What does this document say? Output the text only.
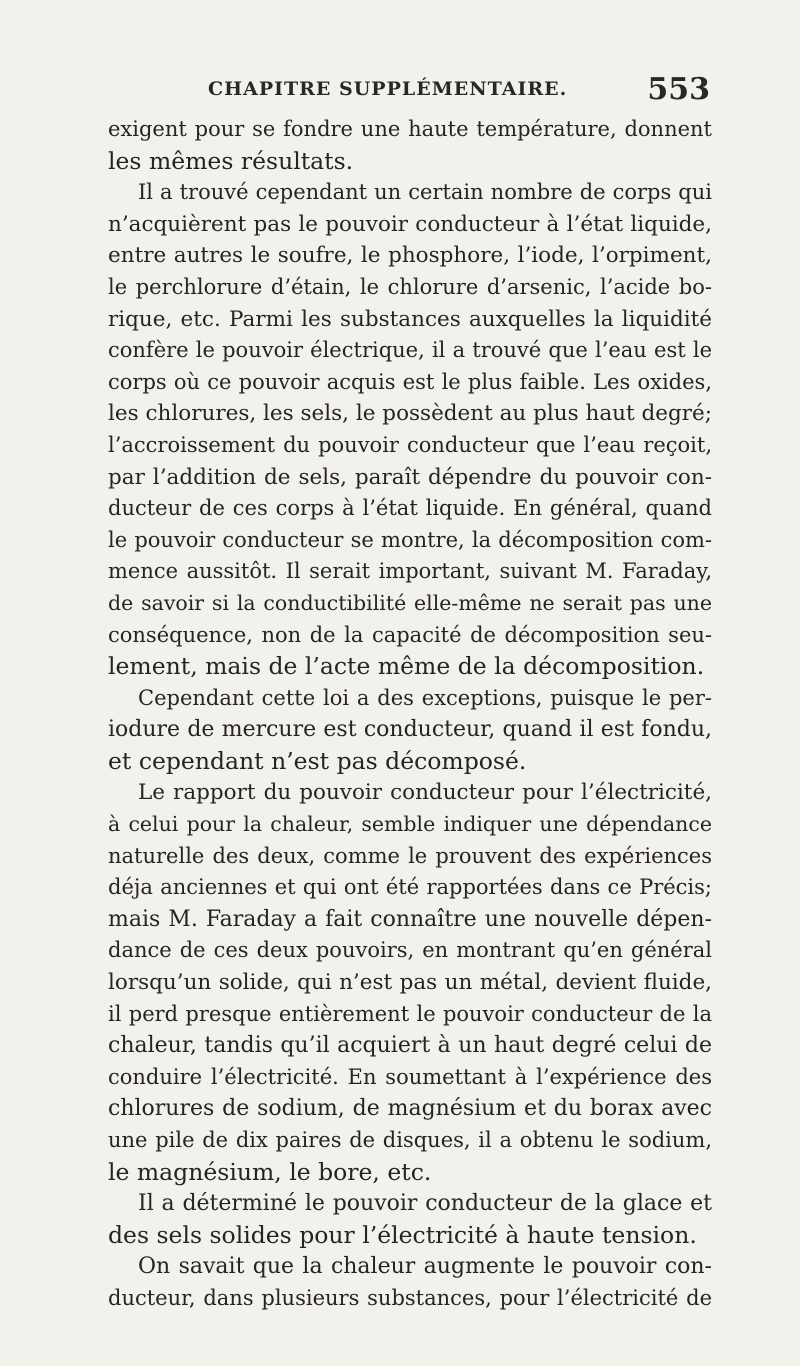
CHAPITRE SUPPLÉMENTAIRE.	553
exigent pour se fondre une haute température, donnent
les mêmes résultats.
Il a trouvé cependant un certain nombre de corps qui
n’acquièrent pas le pouvoir conducteur à l’état liquide,
entre autres le soufre, le phosphore, l’iode, l’orpiment,
le perchlorure d’étain, le chlorure d’arsenic, l’acide bo-
rique, etc. Parmi les substances auxquelles la liquidité
confère le pouvoir électrique, il a trouvé que l’eau est le
corps où ce pouvoir acquis est le plus faible. Les oxides,
les chlorures, les sels, le possèdent au plus haut degré;
l’accroissement du pouvoir conducteur que l’eau reçoit,
par l’addition de sels, paraît dépendre du pouvoir con-
ducteur de ces corps à l’état liquide. En général, quand
le pouvoir conducteur se montre, la décomposition com-
mence aussitôt. Il serait important, suivant M. Faraday,
de savoir si la conductibilité elle-même ne serait pas une
conséquence, non de la capacité de décomposition seu-
lement, mais de l’acte même de la décomposition.
Cependant cette loi a des exceptions, puisque le per-
iodure de mercure est conducteur, quand il est fondu,
et cependant n’est pas décomposé.
Le rapport du pouvoir conducteur pour l’électricité,
à celui pour la chaleur, semble indiquer une dépendance
naturelle des deux, comme le prouvent des expériences
déja anciennes et qui ont été rapportées dans ce Précis;
mais M. Faraday a fait connaître une nouvelle dépen-
dance de ces deux pouvoirs, en montrant qu’en général
lorsqu’un solide, qui n’est pas un métal, devient fluide,
il perd presque entièrement le pouvoir conducteur de la
chaleur, tandis qu’il acquiert à un haut degré celui de
conduire l’électricité. En soumettant à l’expérience des
chlorures de sodium, de magnésium et du borax avec
une pile de dix paires de disques, il a obtenu le sodium,
le magnésium, le bore, etc.
Il a déterminé le pouvoir conducteur de la glace et
des sels solides pour l’électricité à haute tension.
On savait que la chaleur augmente le pouvoir con-
ducteur, dans plusieurs substances, pour l’électricité de
